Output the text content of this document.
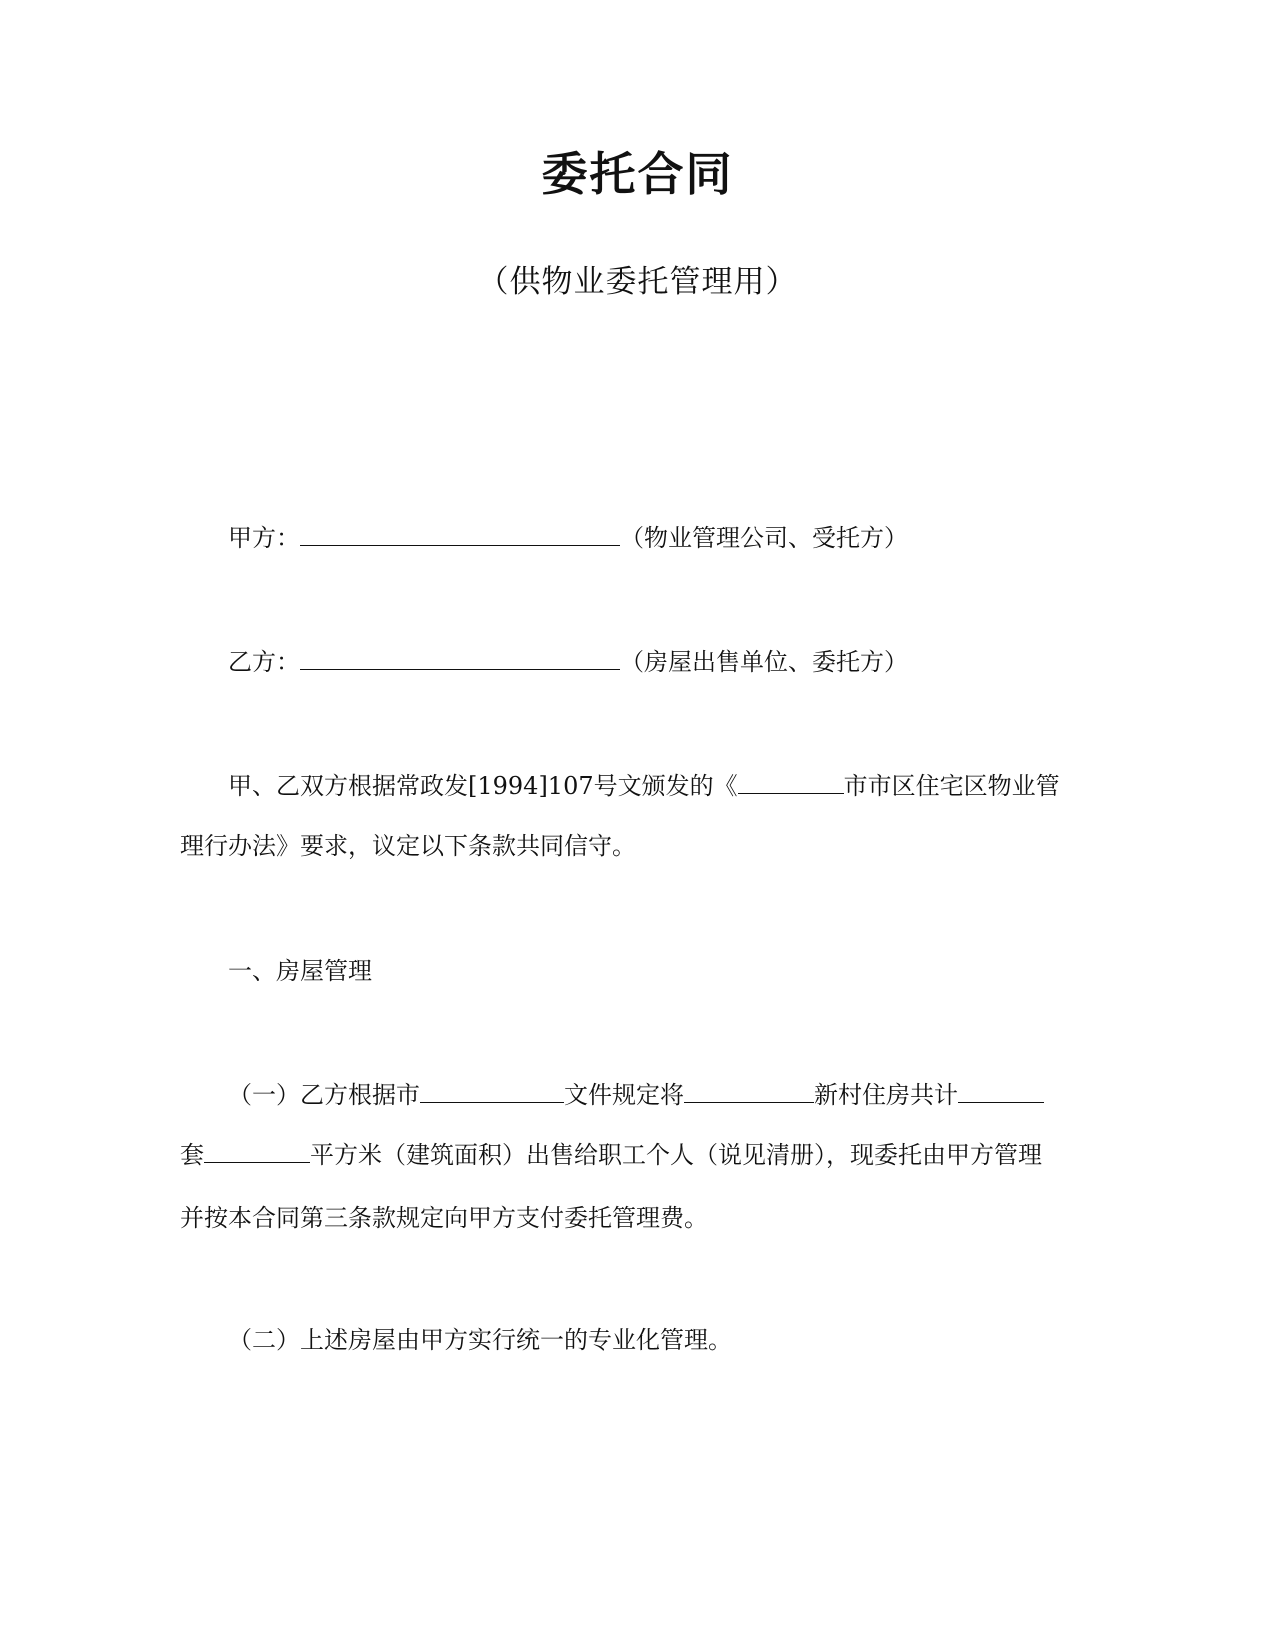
委托合同
（供物业委托管理用）
甲方：	（物业管理公司、受托方）
乙方：	（房屋出售单位、委托方）
甲、乙双方根据常政发[1994]107号文颁发的《	市市区住宅区物业管
理行办法》要求，议定以下条款共同信守。
一、房屋管理
（一）乙方根据市	文件规定将	新村住房共计
套	平方米（建筑面积）出售给职工个人（说见清册），现委托由甲方管理
并按本合同第三条款规定向甲方支付委托管理费。
（二）上述房屋由甲方实行统一的专业化管理。
